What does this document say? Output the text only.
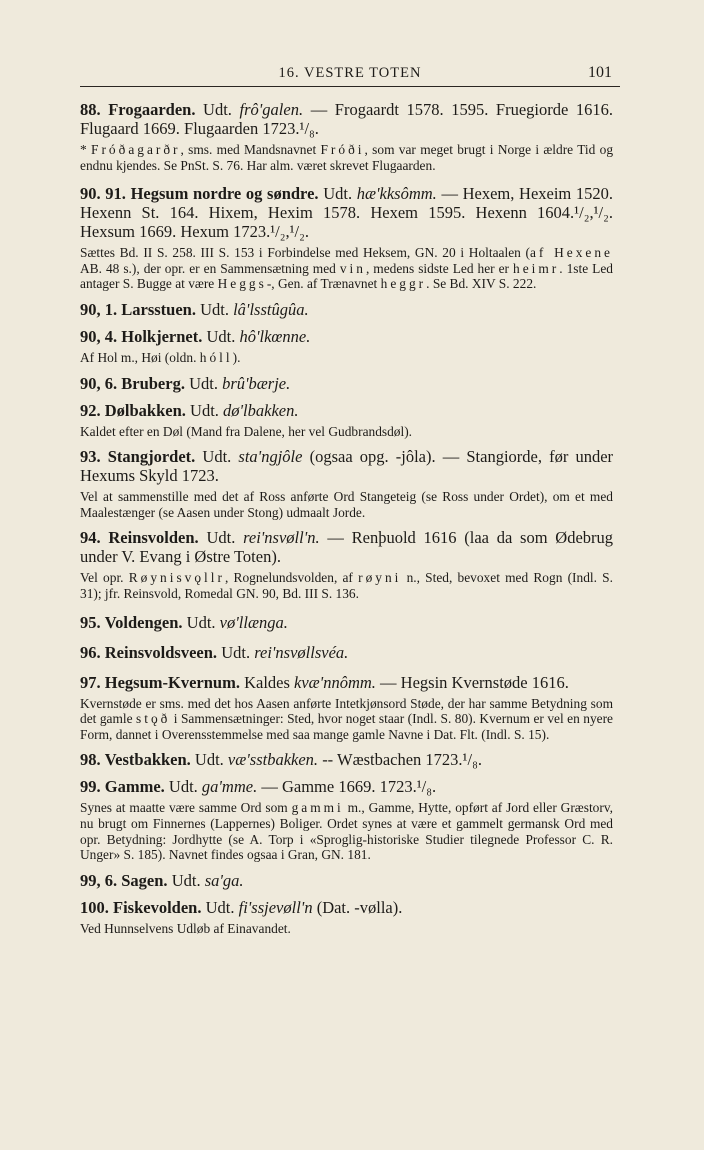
16. VESTRE TOTEN	101

88. Frogaarden. Udt. frô'galen. — Frogaardt 1578. 1595. Fruegiorde 1616. Flugaard 1669. Flugaarden 1723.¹/₈.

* Fróðagarðr, sms. med Mandsnavnet Fróði, som var meget brugt i Norge i ældre Tid og endnu kjendes. Se PnSt. S. 76. Har alm. været skrevet Flugaarden.

90. 91. Hegsum nordre og søndre. Udt. hæ'kksômm. — Hexem, Hexeim 1520. Hexenn St. 164. Hixem, Hexim 1578. Hexem 1595. Hexenn 1604.¹/₂,¹/₂. Hexsum 1669. Hexum 1723.¹/₂,¹/₂.

Sættes Bd. II S. 258. III S. 153 i Forbindelse med Heksem, GN. 20 i Holtaalen (af Hexene AB. 48 s.), der opr. er en Sammensætning med vin, medens sidste Led her er heimr. 1ste Led antager S. Bugge at være Heggs-, Gen. af Trænavnet heggr. Se Bd. XIV S. 222.

90, 1. Larsstuen. Udt. lâ'lsstûgûa.

90, 4. Holkjernet. Udt. hô'lkœnne.

Af Hol m., Høi (oldn. hóll).

90, 6. Bruberg. Udt. brû'bærje.

92. Dølbakken. Udt. dø'lbakken.

Kaldet efter en Døl (Mand fra Dalene, her vel Gudbrandsdøl).

93. Stangjordet. Udt. sta'ngjôle (ogsaa opg. -jôla). — Stangiorde, før under Hexums Skyld 1723.

Vel at sammenstille med det af Ross anførte Ord Stangeteig (se Ross under Ordet), om et med Maalestænger (se Aasen under Stong) udmaalt Jorde.

94. Reinsvolden. Udt. rei'nsvøll'n. — Renþuold 1616 (laa da som Ødebrug under V. Evang i Østre Toten).

Vel opr. Røynisvǫllr, Rognelundsvolden, af røyni n., Sted, bevoxet med Rogn (Indl. S. 31); jfr. Reinsvold, Romedal GN. 90, Bd. III S. 136.

95. Voldengen. Udt. vø'llænga.

96. Reinsvoldsveen. Udt. rei'nsvøllsvéa.

97. Hegsum-Kvernum. Kaldes kvæ'nnômm. — Hegsin Kvernstøde 1616.

Kvernstøde er sms. med det hos Aasen anførte Intetkjønsord Støde, der har samme Betydning som det gamle stǫð i Sammensætninger: Sted, hvor noget staar (Indl. S. 80). Kvernum er vel en nyere Form, dannet i Overensstemmelse med saa mange gamle Navne i Dat. Flt. (Indl. S. 15).

98. Vestbakken. Udt. væ'sstbakken. -- Wæstbachen 1723.¹/₈.

99. Gamme. Udt. ga'mme. — Gamme 1669. 1723.¹/₈.

Synes at maatte være samme Ord som gammi m., Gamme, Hytte, opført af Jord eller Græstorv, nu brugt om Finnernes (Lappernes) Boliger. Ordet synes at være et gammelt germansk Ord med opr. Betydning: Jordhytte (se A. Torp i «Sproglig-historiske Studier tilegnede Professor C. R. Unger» S. 185). Navnet findes ogsaa i Gran, GN. 181.

99, 6. Sagen. Udt. sa'ga.

100. Fiskevolden. Udt. fi'ssjevøll'n (Dat. -vølla).

Ved Hunnselvens Udløb af Einavandet.
